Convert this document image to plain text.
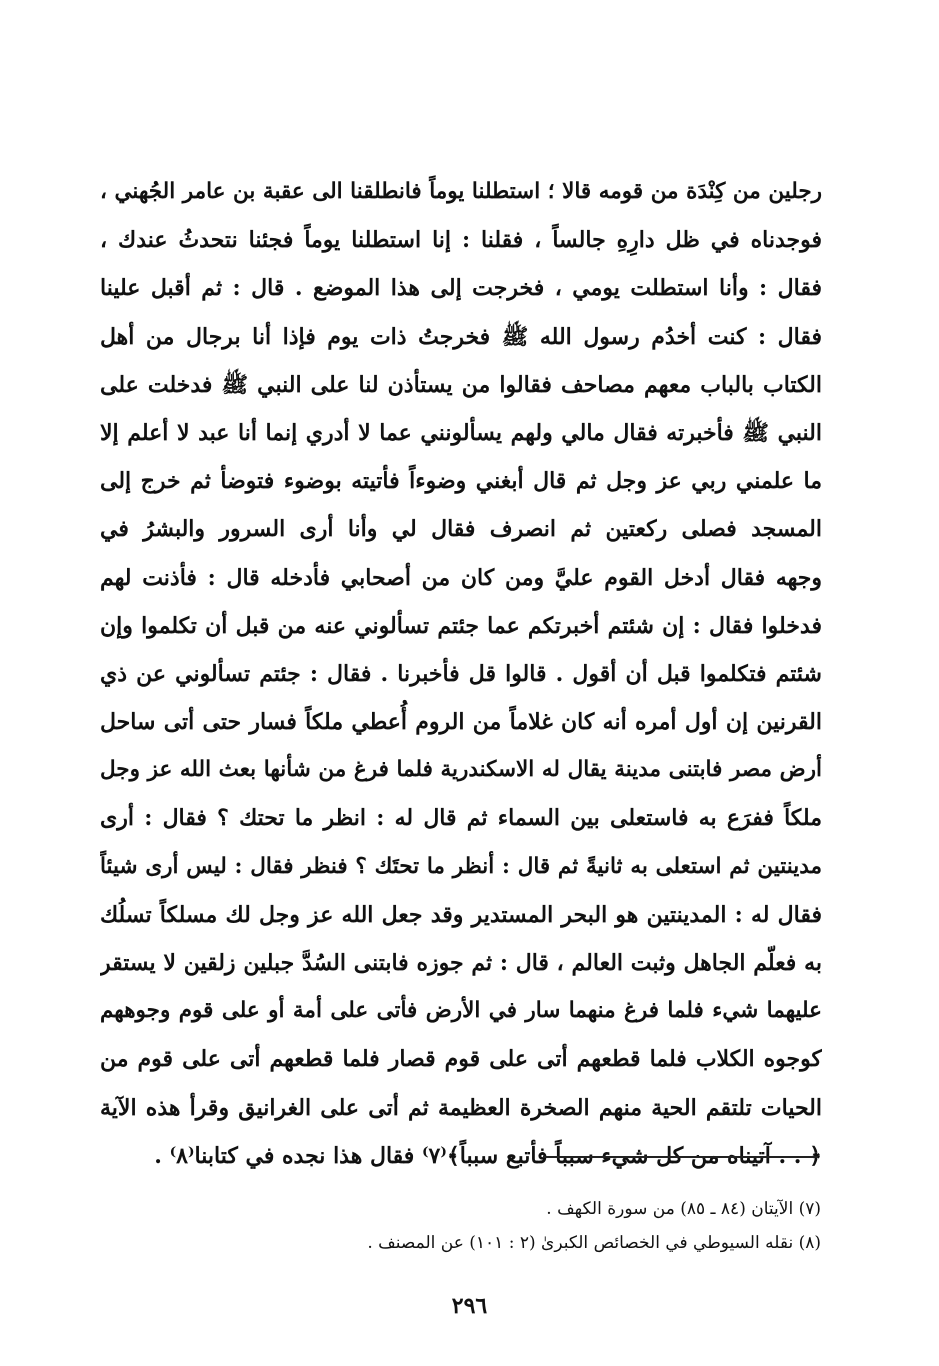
رجلين من كِنْدَة من قومه قالا ؛ استطلنا يوماً فانطلقنا الى عقبة بن عامر الجُهني ،
فوجدناه في ظل دارِهِ جالساً ، فقلنا : إنا استطلنا يوماً فجئنا نتحدثُ عندك ،
فقال : وأنا استطلت يومي ، فخرجت إلى هذا الموضع . قال : ثم أقبل علينا
فقال : كنت أخدُم رسول الله ﷺ فخرجتُ ذات يوم فإذا أنا برجال من أهل
الكتاب بالباب معهم مصاحف فقالوا من يستأذن لنا على النبي ﷺ فدخلت على
النبي ﷺ فأخبرته فقال مالي ولهم يسألونني عما لا أدري إنما أنا عبد لا أعلم إلا
ما علمني ربي عز وجل ثم قال أبغني وضوءاً فأتيته بوضوء فتوضأ ثم خرج إلى
المسجد فصلى ركعتين ثم انصرف فقال لي وأنا أرى السرور والبشرُ في
وجهه فقال أدخل القوم عليَّ ومن كان من أصحابي فأدخله قال : فأذنت لهم
فدخلوا فقال : إن شئتم أخبرتكم عما جئتم تسألوني عنه من قبل أن تكلموا وإن
شئتم فتكلموا قبل أن أقول . قالوا قل فأخبرنا . فقال : جئتم تسألوني عن ذي
القرنين إن أول أمره أنه كان غلاماً من الروم أُعطي ملكاً فسار حتى أتى ساحل
أرض مصر فابتنى مدينة يقال له الاسكندرية فلما فرغ من شأنها بعث الله عز وجل
ملكاً ففرَع به فاستعلى بين السماء ثم قال له : انظر ما تحتك ؟ فقال : أرى
مدينتين ثم استعلى به ثانيةً ثم قال : أنظر ما تحتَك ؟ فنظر فقال : ليس أرى شيئاً
فقال له : المدينتين هو البحر المستدير وقد جعل الله عز وجل لك مسلكاً تسلُك
به فعلّم الجاهل وثبت العالم ، قال : ثم جوزه فابتنى السُدَّ جبلين زلقين لا يستقر
عليهما شيء فلما فرغ منهما سار في الأرض فأتى على أمة أو على قوم وجوههم
كوجوه الكلاب فلما قطعهم أتى على قوم قصار فلما قطعهم أتى على قوم من
الحيات تلتقم الحية منهم الصخرة العظيمة ثم أتى على الغرانيق وقرأ هذه الآية
﴿ . . آتيناه من كل شيء سبباً فأتبع سبباً﴾⁽٧⁾ فقال هذا نجده في كتابنا⁽٨⁾ .
(٧) الآيتان (٨٤ ـ ٨٥) من سورة الكهف .
(٨) نقله السيوطي في الخصائص الكبرىٰ (٢ : ١٠١) عن المصنف .
٢٩٦
